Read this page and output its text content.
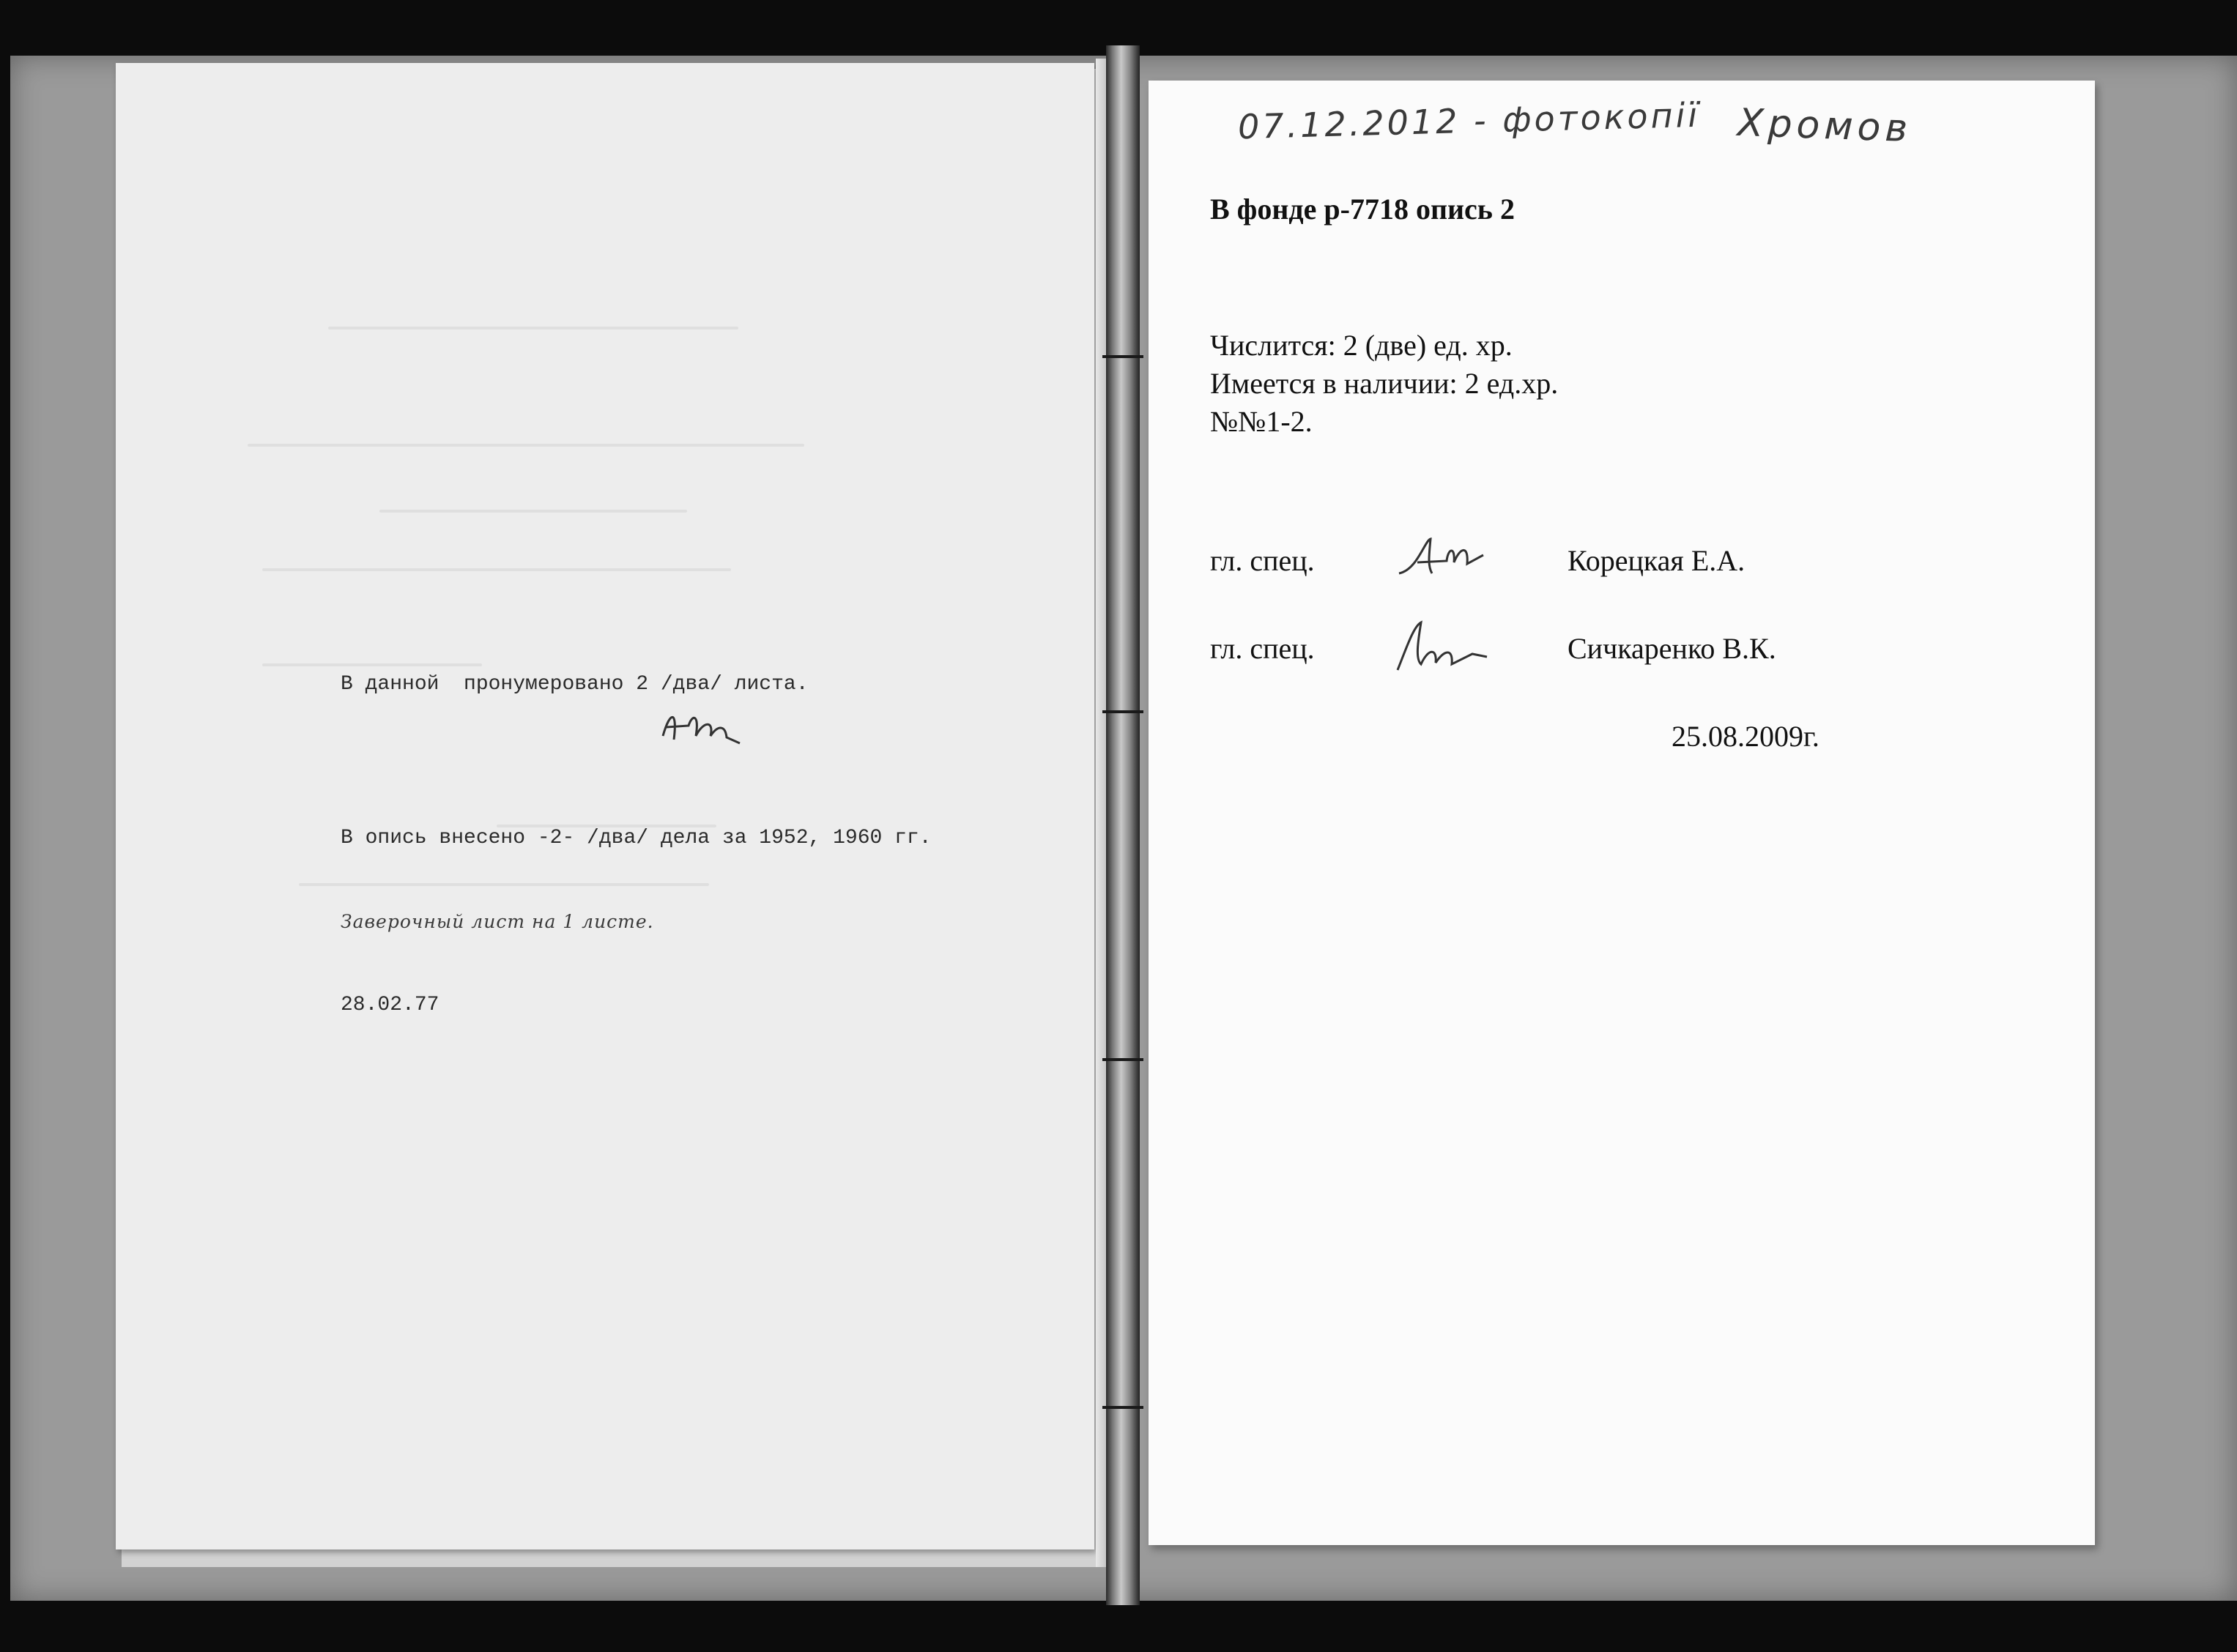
В данной  пронумеровано 2 /два/ листа.

В опись внесено -2- /два/ дела за 1952, 1960 гг.

Заверочный лист на 1 листе.

28.02.77

07.12.2012 - фотокопії Хромов
В фонде р-7718 опись 2
Числится: 2 (две) ед. хр.
Имеется в наличии: 2 ед.хр.
№№1-2.
гл. спец.	Корецкая Е.А.
гл. спец.	Сичкаренко В.К.
25.08.2009г.
